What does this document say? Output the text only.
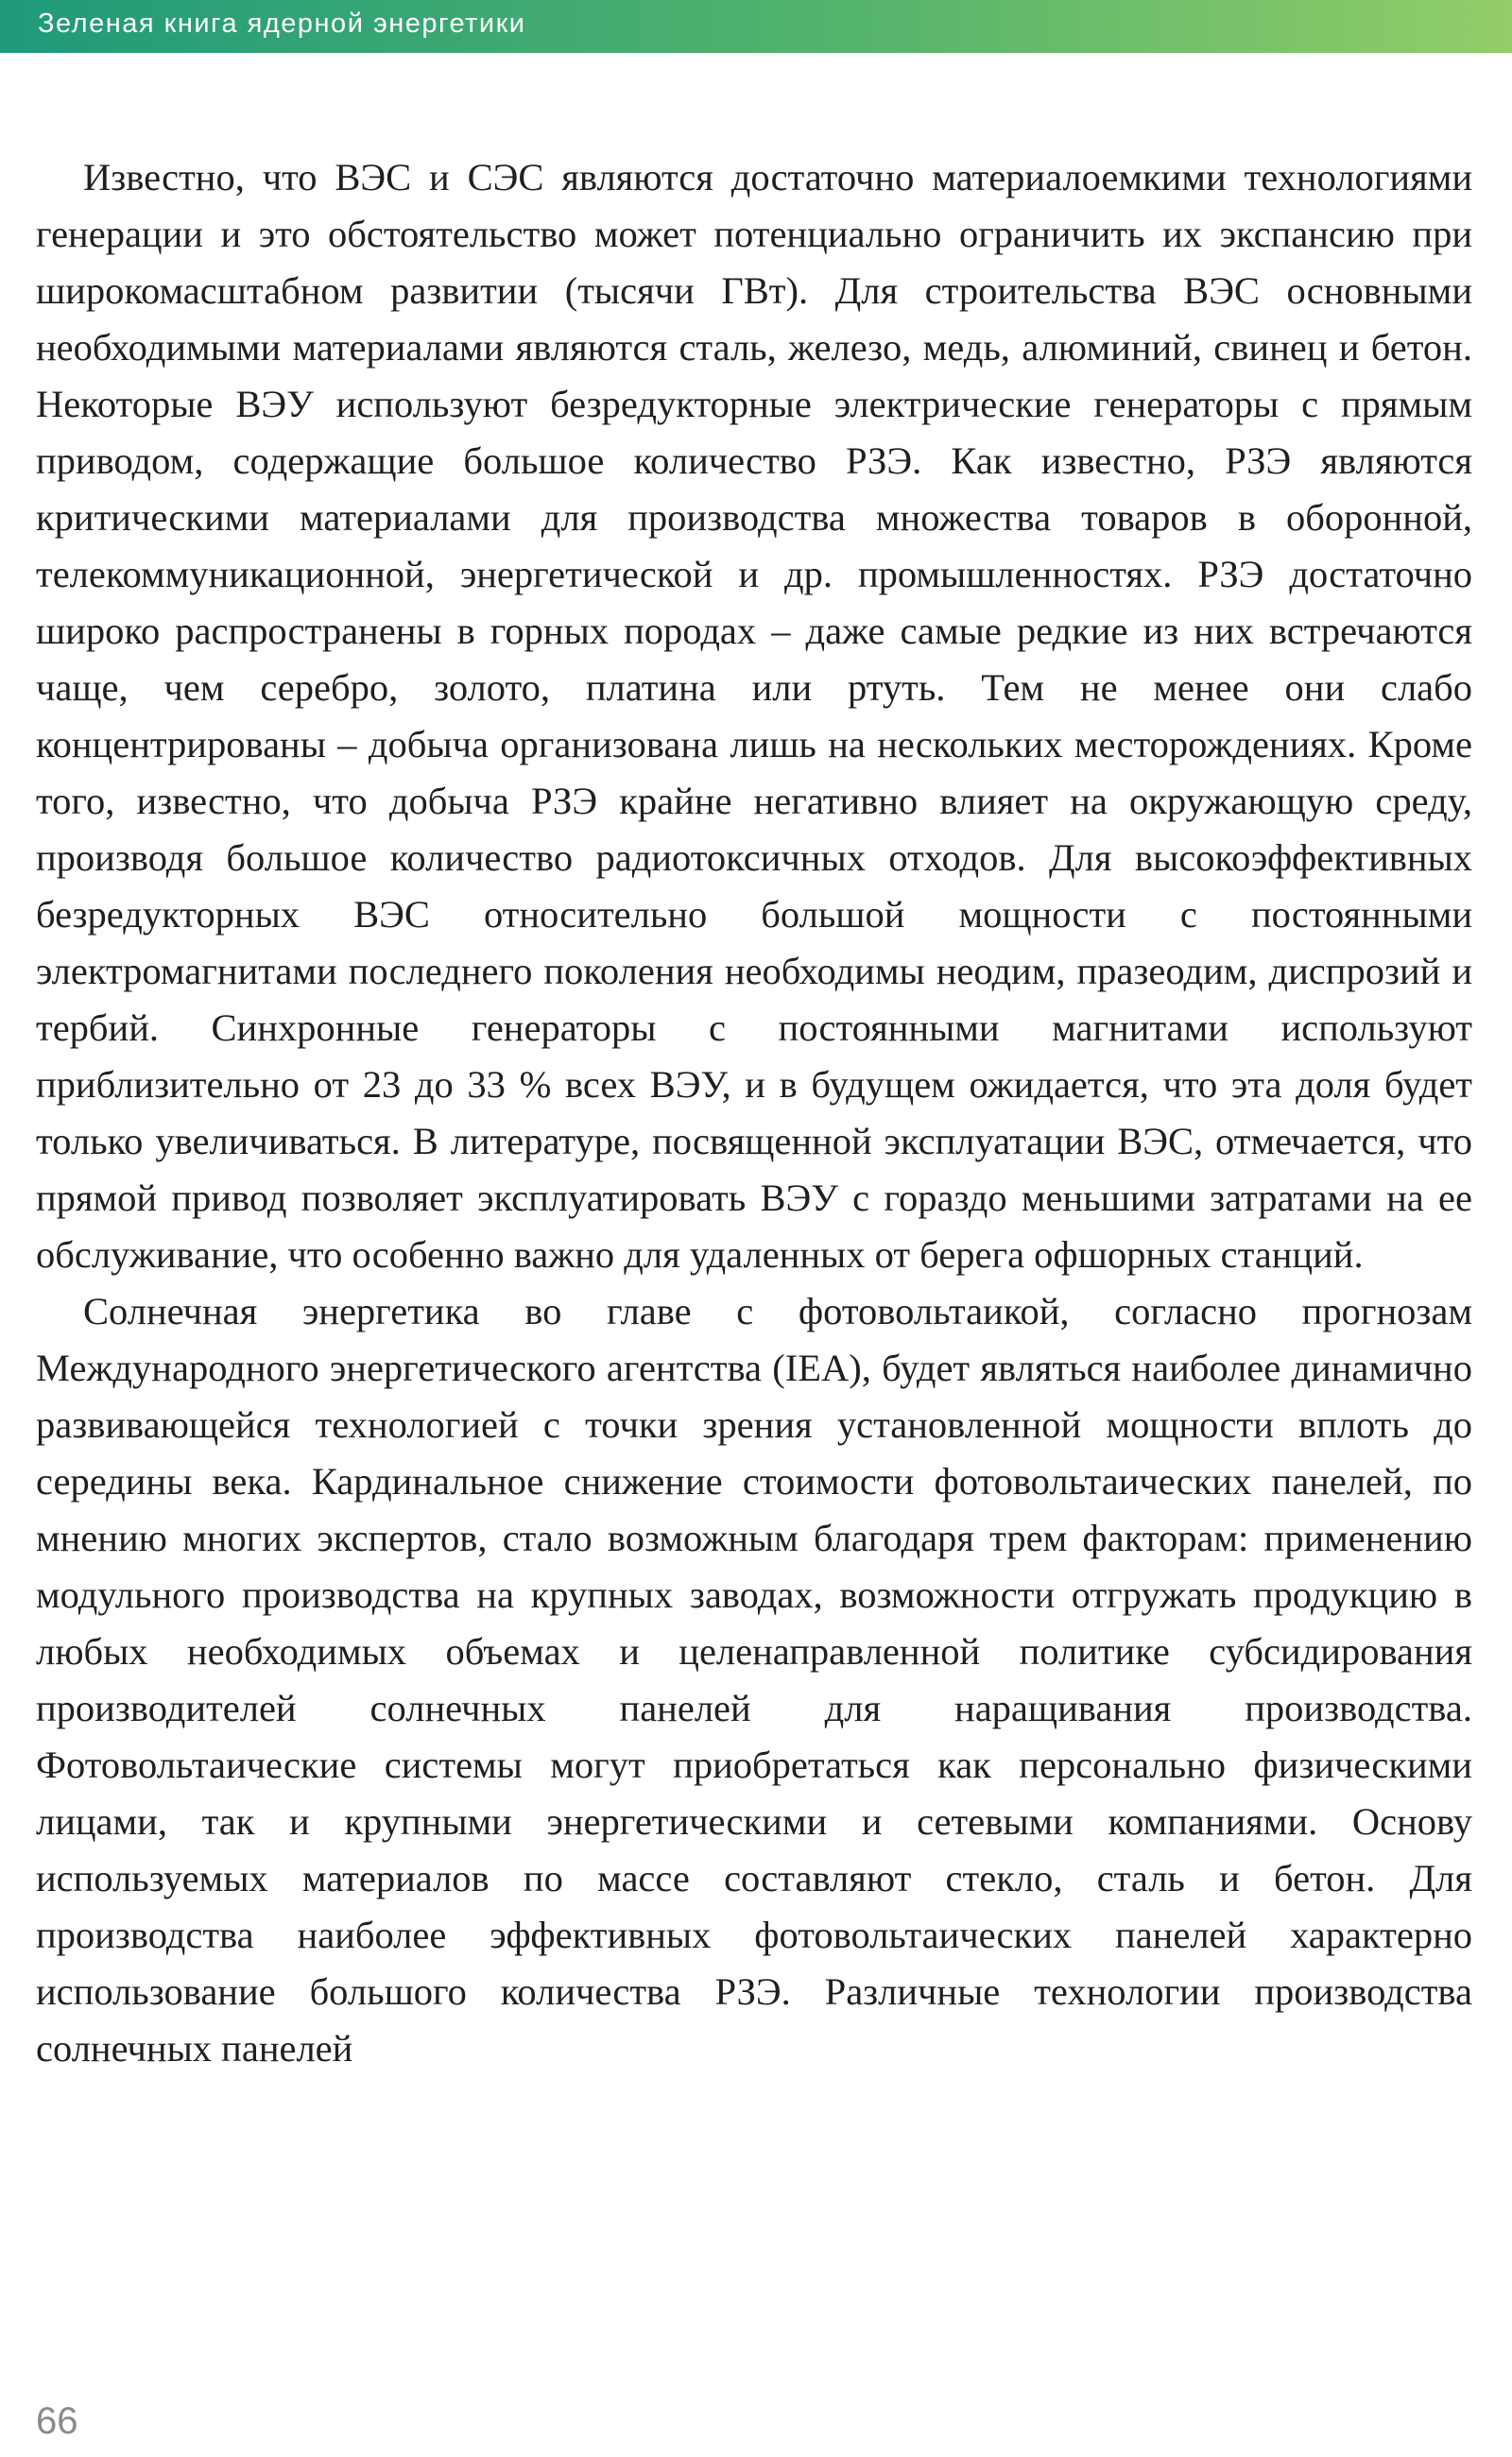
Зеленая книга ядерной энергетики

Известно, что ВЭС и СЭС являются достаточно материалоемкими технологиями генерации и это обстоятельство может потенциально ограничить их экспансию при широкомасштабном развитии (тысячи ГВт). Для строительства ВЭС основными необходимыми материалами являются сталь, железо, медь, алюминий, свинец и бетон. Некоторые ВЭУ используют безредукторные электрические генераторы с прямым приводом, содержащие большое количество РЗЭ. Как известно, РЗЭ являются критическими материалами для производства множества товаров в оборонной, телекоммуникационной, энергетической и др. промышленностях. РЗЭ достаточно широко распространены в горных породах – даже самые редкие из них встречаются чаще, чем серебро, золото, платина или ртуть. Тем не менее они слабо концентрированы – добыча организована лишь на нескольких месторождениях. Кроме того, известно, что добыча РЗЭ крайне негативно влияет на окружающую среду, производя большое количество радиотоксичных отходов. Для высокоэффективных безредукторных ВЭС относительно большой мощности с постоянными электромагнитами последнего поколения необходимы неодим, празеодим, диспрозий и тербий. Синхронные генераторы с постоянными магнитами используют приблизительно от 23 до 33 % всех ВЭУ, и в будущем ожидается, что эта доля будет только увеличиваться. В литературе, посвященной эксплуатации ВЭС, отмечается, что прямой привод позволяет эксплуатировать ВЭУ с гораздо меньшими затратами на ее обслуживание, что особенно важно для удаленных от берега офшорных станций.

Солнечная энергетика во главе с фотовольтаикой, согласно прогнозам Международного энергетического агентства (IEA), будет являться наиболее динамично развивающейся технологией с точки зрения установленной мощности вплоть до середины века. Кардинальное снижение стоимости фотовольтаических панелей, по мнению многих экспертов, стало возможным благодаря трем факторам: применению модульного производства на крупных заводах, возможности отгружать продукцию в любых необходимых объемах и целенаправленной политике субсидирования производителей солнечных панелей для наращивания производства. Фотовольтаические системы могут приобретаться как персонально физическими лицами, так и крупными энергетическими и сетевыми компаниями. Основу используемых материалов по массе составляют стекло, сталь и бетон. Для производства наиболее эффективных фотовольтаических панелей характерно использование большого количества РЗЭ. Различные технологии производства солнечных панелей

66
